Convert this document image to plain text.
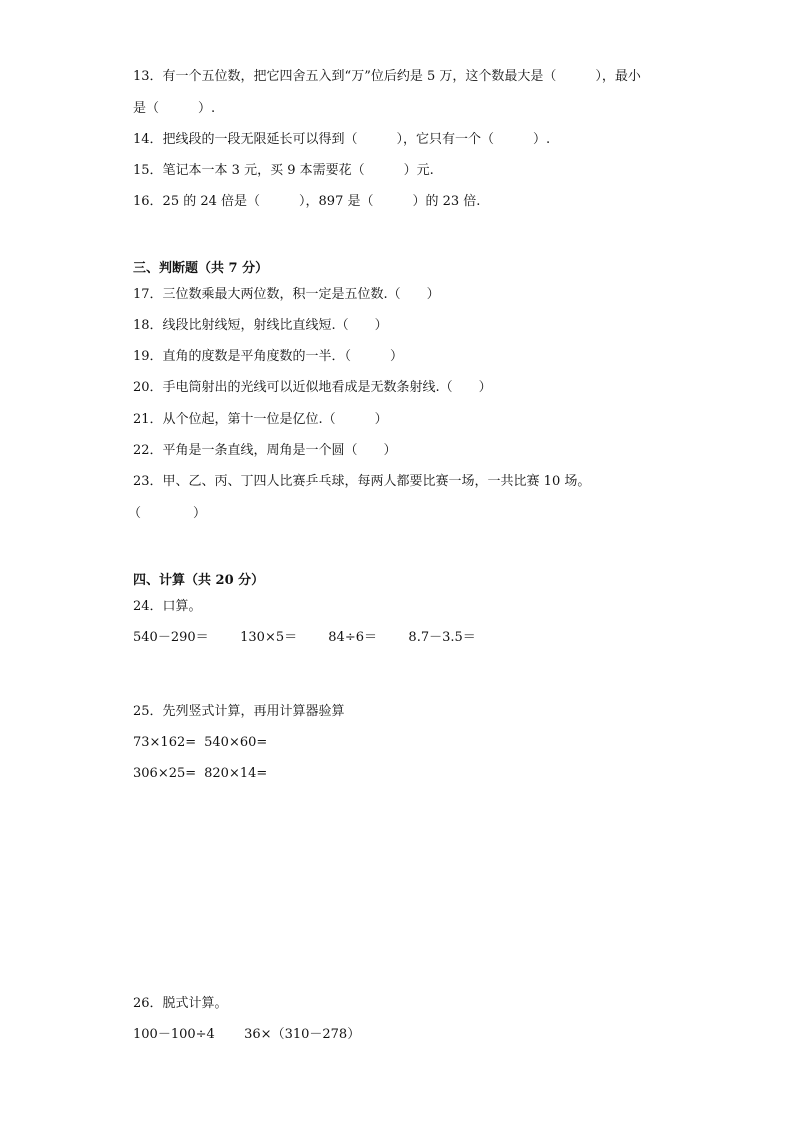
13．有一个五位数，把它四舍五入到“万”位后约是 5 万，这个数最大是（　　　），最小
是（　　　）.
14．把线段的一段无限延长可以得到（　　　），它只有一个（　　　）.
15．笔记本一本 3 元，买 9 本需要花（　　　）元.
16．25 的 24 倍是（　　　），897 是（　　　）的 23 倍.
三、判断题（共 7 分）
17．三位数乘最大两位数，积一定是五位数.（　　）
18．线段比射线短，射线比直线短.（　　）
19．直角的度数是平角度数的一半．（　　　）
20．手电筒射出的光线可以近似地看成是无数条射线.（　　）
21．从个位起，第十一位是亿位.（　　　）
22．平角是一条直线，周角是一个圆（　　）
23．甲、乙、丙、丁四人比赛乒乓球，每两人都要比赛一场，一共比赛 10 场。
（　　　　）
四、计算（共 20 分）
24．口算。
540－290＝ 130×5＝ 84÷6＝ 8.7－3.5＝
25．先列竖式计算，再用计算器验算
73×162= 540×60=
306×25= 820×14=
26．脱式计算。
100－100÷4 36×（310－278）
